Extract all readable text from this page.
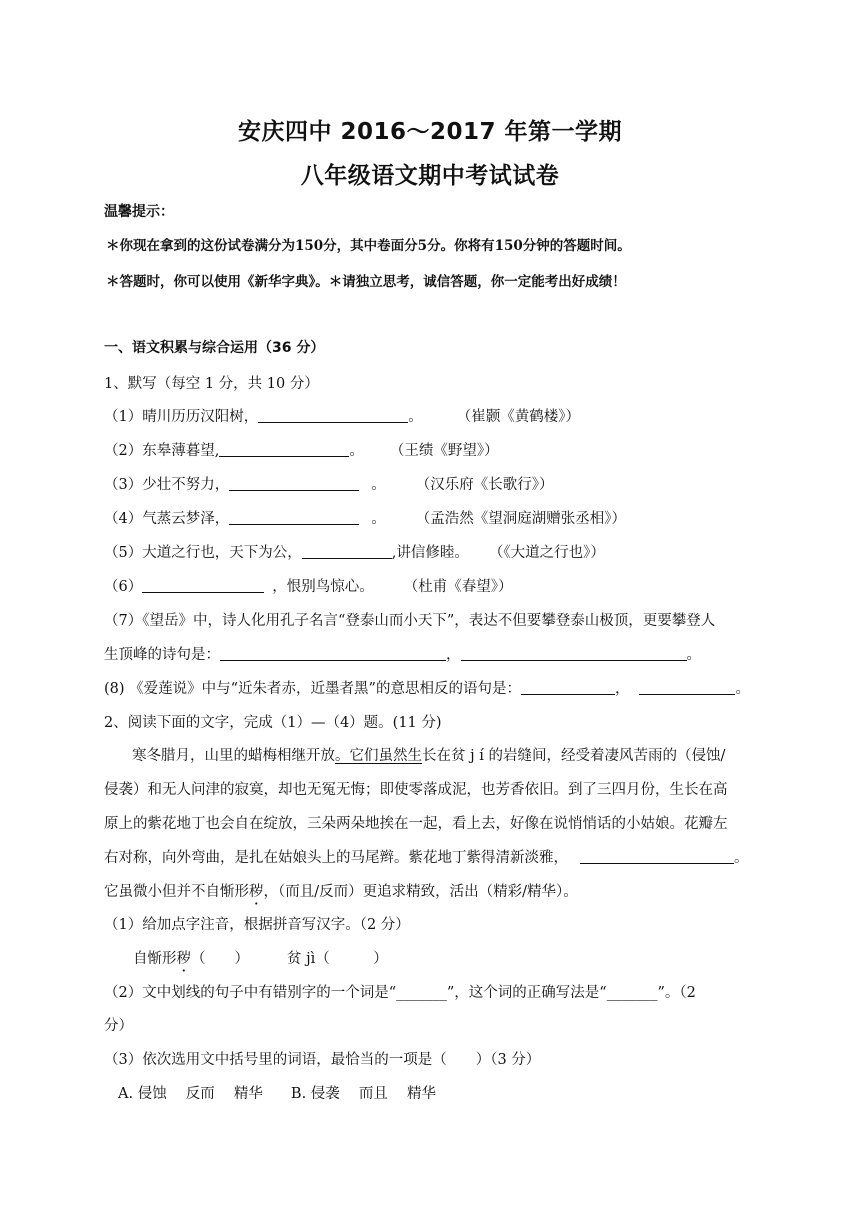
安庆四中 2016～2017 年第一学期
八年级语文期中考试试卷
温馨提示：
＊你现在拿到的这份试卷满分为150分，其中卷面分5分。你将有150分钟的答题时间。
＊答题时，你可以使用《新华字典》。＊请独立思考，诚信答题，你一定能考出好成绩！
一、语文积累与综合运用（36 分）
1、默写（每空 1 分，共 10 分）
（1）晴川历历汉阳树，	。 （崔颢《黄鹤楼》）
（2）东皋薄暮望,	。 （王绩《野望》）
（3）少壮不努力，	。 （汉乐府《长歌行》）
（4）气蒸云梦泽，	。 （孟浩然《望洞庭湖赠张丞相》）
（5）大道之行也，天下为公，	,讲信修睦。 （《大道之行也》）
（6）	，恨别鸟惊心。 （杜甫《春望》）
（7）《望岳》中，诗人化用孔子名言“登泰山而小天下”，表达不但要攀登泰山极顶，更要攀登人
生顶峰的诗句是：	，	。
(8) 《爱莲说》中与“近朱者赤，近墨者黑”的意思相反的语句是：	，	。
2、阅读下面的文字，完成（1）—（4）题。(11 分)
寒冬腊月，山里的蜡梅相继开放。它们虽然生长在贫 j í 的岩缝间，经受着凄风苦雨的（侵蚀/
侵袭）和无人问津的寂寞，却也无冤无悔；即使零落成泥，也芳香依旧。到了三四月份，生长在高
原上的紫花地丁也会自在绽放，三朵两朵地挨在一起，看上去，好像在说悄悄话的小姑娘。花瓣左
右对称，向外弯曲，是扎在姑娘头上的马尾辫。紫花地丁紫得清新淡雅，	。
它虽微小但并不自惭形秽，（而且/反而）更追求精致，活出（精彩/精华）。
（1）给加点字注音，根据拼音写汉字。（2 分）
自惭形秽（　　）	贫 jì（　　　）
（2）文中划线的句子中有错别字的一个词是“_______”，这个词的正确写法是“_______”。（2
分）
（3）依次选用文中括号里的词语，最恰当的一项是（　　）（3 分）
A. 侵蚀　 反而　 精华 B. 侵袭　 而且　 精华
